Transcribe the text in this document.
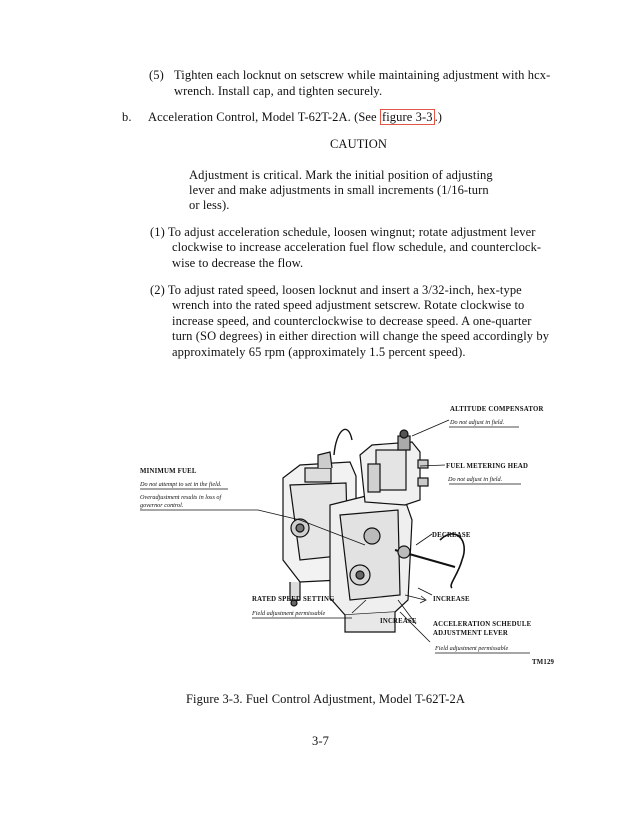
(5) Tighten each locknut on setscrew while maintaining adjustment with hcx-
wrench. Install cap, and tighten securely.
b. Acceleration Control, Model T-62T-2A. (See figure 3-3 .)
CAUTION
Adjustment is critical. Mark the initial position of adjusting
lever and make adjustments in small increments (1/16-turn
or less).
(1) To adjust acceleration schedule, loosen wingnut; rotate adjustment lever
clockwise to increase acceleration fuel flow schedule, and counterclock-
wise to decrease the flow.
(2) To adjust rated speed, loosen locknut and insert a 3/32-inch, hex-type
wrench into the rated speed adjustment setscrew. Rotate clockwise to
increase speed, and counterclockwise to decrease speed. A one-quarter
turn (SO degrees) in either direction will change the speed accordingly by
approximately 65 rpm (approximately 1.5 percent speed).
ALTITUDE COMPENSATOR
Do not adjust in field.
FUEL METERING HEAD
Do not adjust in field.
MINIMUM FUEL
Do not attempt to set in the field.
Overadjustment results in loss of
governor control.
DECREASE
INCREASE
RATED SPEED SETTING
Field adjustment permissable
INCREASE ACCELERATION SCHEDULE
ADJUSTMENT LEVER
Field adjustment permissable
TM129
Figure 3-3. Fuel Control Adjustment, Model T-62T-2A
3-7
